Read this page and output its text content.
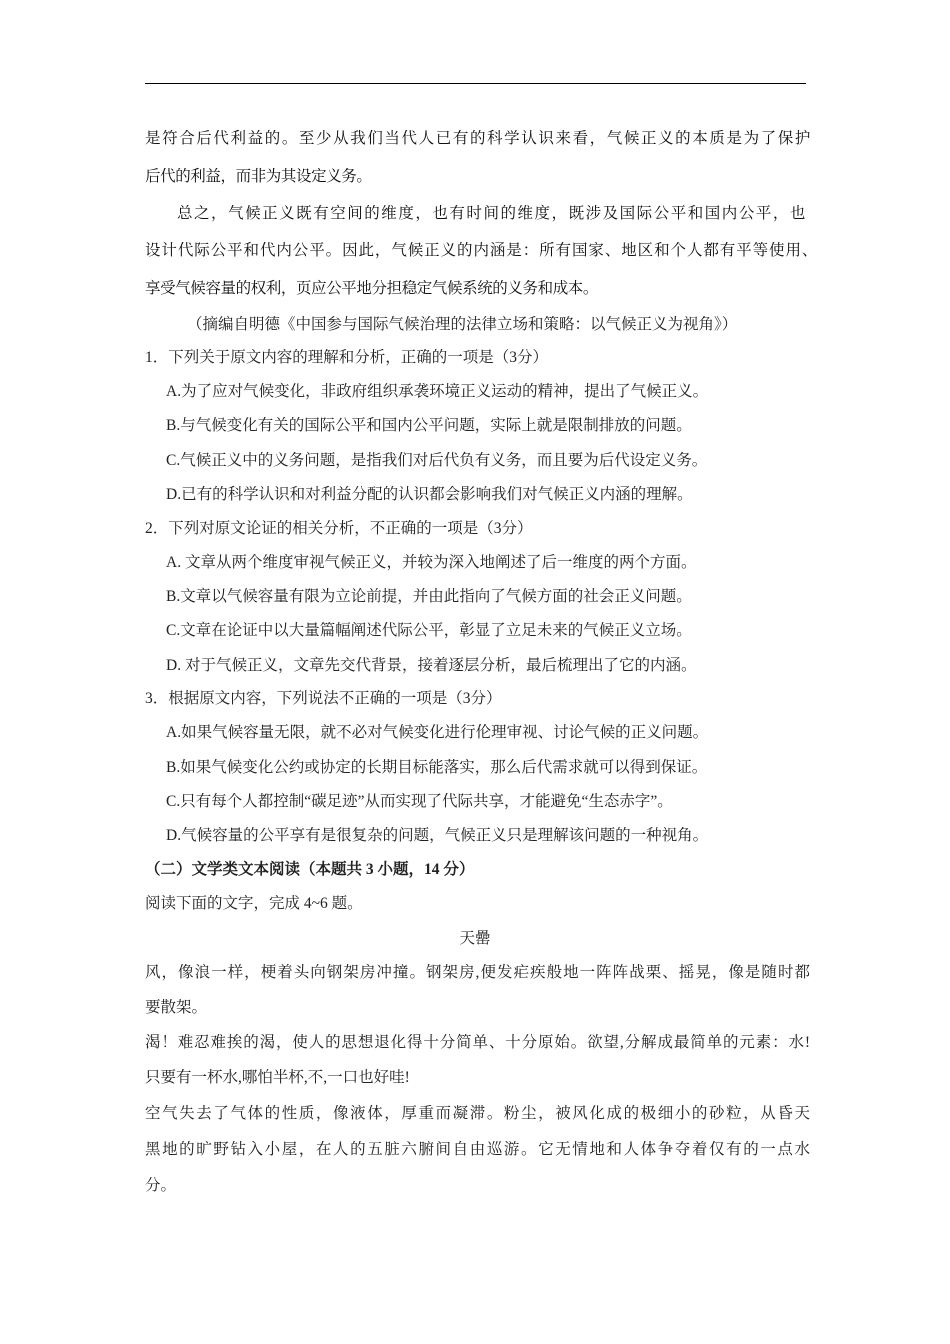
是符合后代利益的。至少从我们当代人已有的科学认识来看，气候正义的本质是为了保护
后代的利益，而非为其设定义务。
总之，气候正义既有空间的维度，也有时间的维度，既涉及国际公平和国内公平，也
设计代际公平和代内公平。因此，气候正义的内涵是：所有国家、地区和个人都有平等使用、
享受气候容量的权利，页应公平地分担稳定气候系统的义务和成本。
（摘编自明德《中国参与国际气候治理的法律立场和策略：以气候正义为视角》）
1．下列关于原文内容的理解和分析，正确的一项是（3分）
A.为了应对气候变化，非政府组织承袭环境正义运动的精神，提出了气候正义。
B.与气候变化有关的国际公平和国内公平问题，实际上就是限制排放的问题。
C.气候正义中的义务问题，是指我们对后代负有义务，而且要为后代设定义务。
D.已有的科学认识和对利益分配的认识都会影响我们对气候正义内涵的理解。
2．下列对原文论证的相关分析，不正确的一项是（3分）
A. 文章从两个维度审视气候正义，并较为深入地阐述了后一维度的两个方面。
B.文章以气候容量有限为立论前提，并由此指向了气候方面的社会正义问题。
C.文章在论证中以大量篇幅阐述代际公平，彰显了立足未来的气候正义立场。
D. 对于气候正义，文章先交代背景，接着逐层分析，最后梳理出了它的内涵。
3．根据原文内容，下列说法不正确的一项是（3分）
A.如果气候容量无限，就不必对气候变化进行伦理审视、讨论气候的正义问题。
B.如果气候变化公约或协定的长期目标能落实，那么后代需求就可以得到保证。
C.只有每个人都控制“碳足迹”从而实现了代际共享，才能避免“生态赤字”。
D.气候容量的公平享有是很复杂的问题，气候正义只是理解该问题的一种视角。
（二）文学类文本阅读（本题共 3 小题，14 分）
阅读下面的文字，完成 4~6 题。
天罍
风，像浪一样，梗着头向钢架房冲撞。钢架房,便发疟疾般地一阵阵战栗、摇晃，像是随时都
要散架。
渴！难忍难挨的渴，使人的思想退化得十分简单、十分原始。欲望,分解成最简单的元素：水!
只要有一杯水,哪怕半杯,不,一口也好哇!
空气失去了气体的性质，像液体，厚重而凝滞。粉尘，被风化成的极细小的砂粒，从昏天
黑地的旷野钻入小屋，在人的五脏六腑间自由巡游。它无情地和人体争夺着仅有的一点水
分。
